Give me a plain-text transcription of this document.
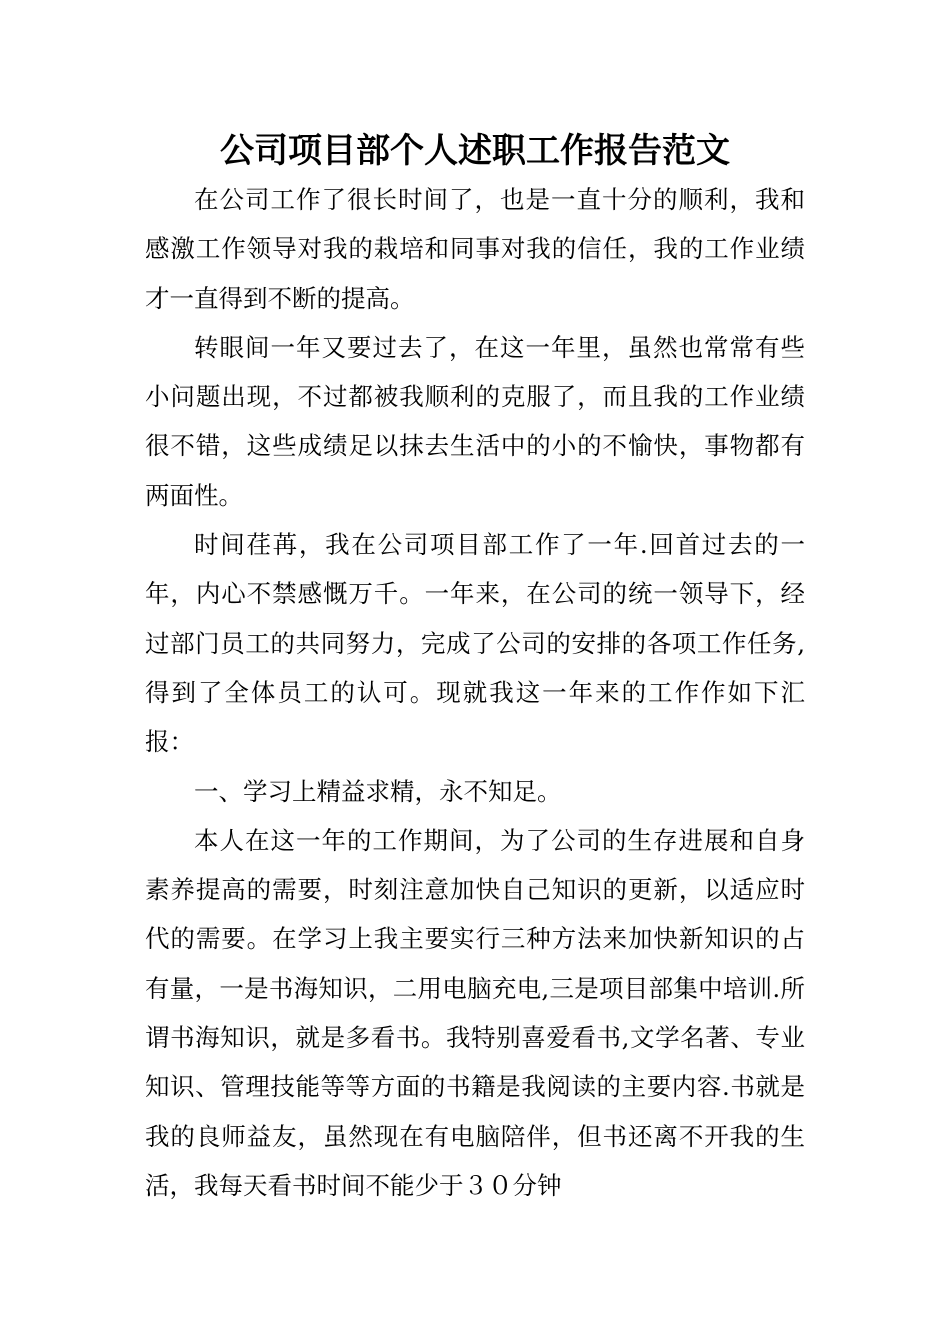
公司项目部个人述职工作报告范文

在公司工作了很长时间了，也是一直十分的顺利，我和感激工作领导对我的栽培和同事对我的信任，我的工作业绩才一直得到不断的提高。

转眼间一年又要过去了，在这一年里，虽然也常常有些小问题出现，不过都被我顺利的克服了，而且我的工作业绩很不错，这些成绩足以抹去生活中的小的不愉快，事物都有两面性。

时间荏苒，我在公司项目部工作了一年.回首过去的一年，内心不禁感慨万千。一年来，在公司的统一领导下，经过部门员工的共同努力，完成了公司的安排的各项工作任务,得到了全体员工的认可。现就我这一年来的工作作如下汇报：

一、学习上精益求精，永不知足。

本人在这一年的工作期间，为了公司的生存进展和自身素养提高的需要，时刻注意加快自己知识的更新，以适应时代的需要。在学习上我主要实行三种方法来加快新知识的占有量，一是书海知识，二用电脑充电,三是项目部集中培训.所谓书海知识，就是多看书。我特别喜爱看书,文学名著、专业知识、管理技能等等方面的书籍是我阅读的主要内容.书就是我的良师益友，虽然现在有电脑陪伴，但书还离不开我的生活，我每天看书时间不能少于３０分钟
